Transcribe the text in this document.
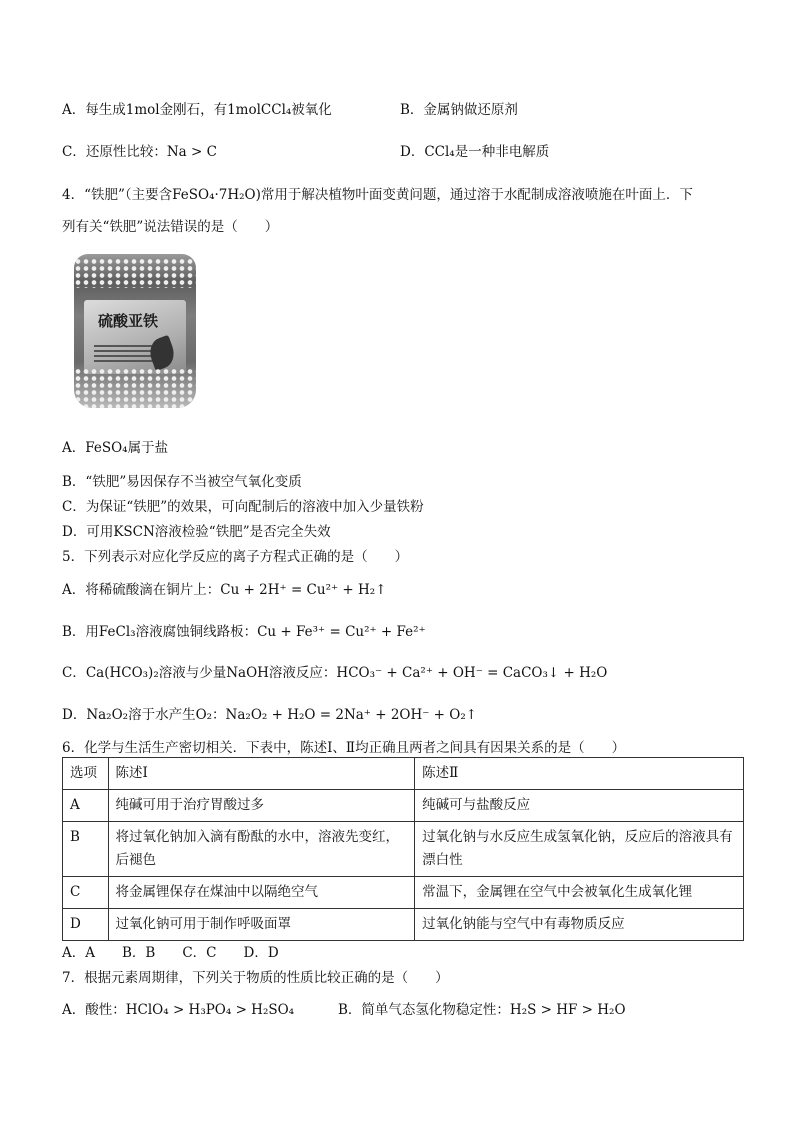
A．每生成1mol金刚石，有1molCCl₄被氧化	B．金属钠做还原剂
C．还原性比较：Na > C	D．CCl₄是一种非电解质
4．“铁肥”（主要含FeSO₄·7H₂O)常用于解决植物叶面变黄问题，通过溶于水配制成溶液喷施在叶面上．下
列有关“铁肥”说法错误的是（　　）
硫酸亚铁
A．FeSO₄属于盐
B．“铁肥”易因保存不当被空气氧化变质
C．为保证“铁肥”的效果，可向配制后的溶液中加入少量铁粉
D．可用KSCN溶液检验“铁肥”是否完全失效
5．下列表示对应化学反应的离子方程式正确的是（　　）
A．将稀硫酸滴在铜片上：Cu + 2H⁺ = Cu²⁺ + H₂↑
B．用FeCl₃溶液腐蚀铜线路板：Cu + Fe³⁺ = Cu²⁺ + Fe²⁺
C．Ca(HCO₃)₂溶液与少量NaOH溶液反应：HCO₃⁻ + Ca²⁺ + OH⁻ = CaCO₃↓ + H₂O
D．Na₂O₂溶于水产生O₂：Na₂O₂ + H₂O = 2Na⁺ + 2OH⁻ + O₂↑
6．化学与生活生产密切相关．下表中，陈述Ⅰ、Ⅱ均正确且两者之间具有因果关系的是（　　）
选项	陈述Ⅰ	陈述Ⅱ
A	纯碱可用于治疗胃酸过多	纯碱可与盐酸反应
B	将过氧化钠加入滴有酚酞的水中，溶液先变红，后褪色	过氧化钠与水反应生成氢氧化钠，反应后的溶液具有漂白性
C	将金属锂保存在煤油中以隔绝空气	常温下，金属锂在空气中会被氧化生成氧化锂
D	过氧化钠可用于制作呼吸面罩	过氧化钠能与空气中有毒物质反应
A．A　　B．B　　C．C　　D．D
7．根据元素周期律，下列关于物质的性质比较正确的是（　　）
A．酸性：HClO₄ > H₃PO₄ > H₂SO₄	B．简单气态氢化物稳定性：H₂S > HF > H₂O
